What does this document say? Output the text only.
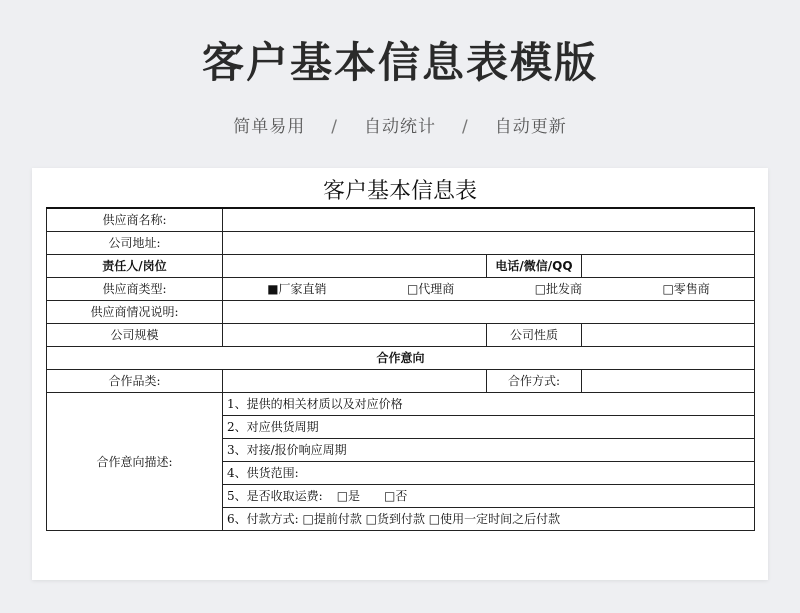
客户基本信息表模版
简单易用 / 自动统计 / 自动更新
客户基本信息表
供应商名称:			
公司地址:			
责任人/岗位		电话/微信/QQ	
供应商类型:	■厂家直销 □代理商 □批发商 □零售商		

供应商情况说明:			
公司规模		公司性质	
合作意向			
合作品类:		合作方式:	
合作意向描述:	1、提供的相关材质以及对应价格		
	2、对应供货周期		
	3、对接/报价响应周期		
	4、供货范围:		
	5、是否收取运费: □是 □否		
	6、付款方式: □提前付款 □货到付款 □使用一定时间之后付款		
